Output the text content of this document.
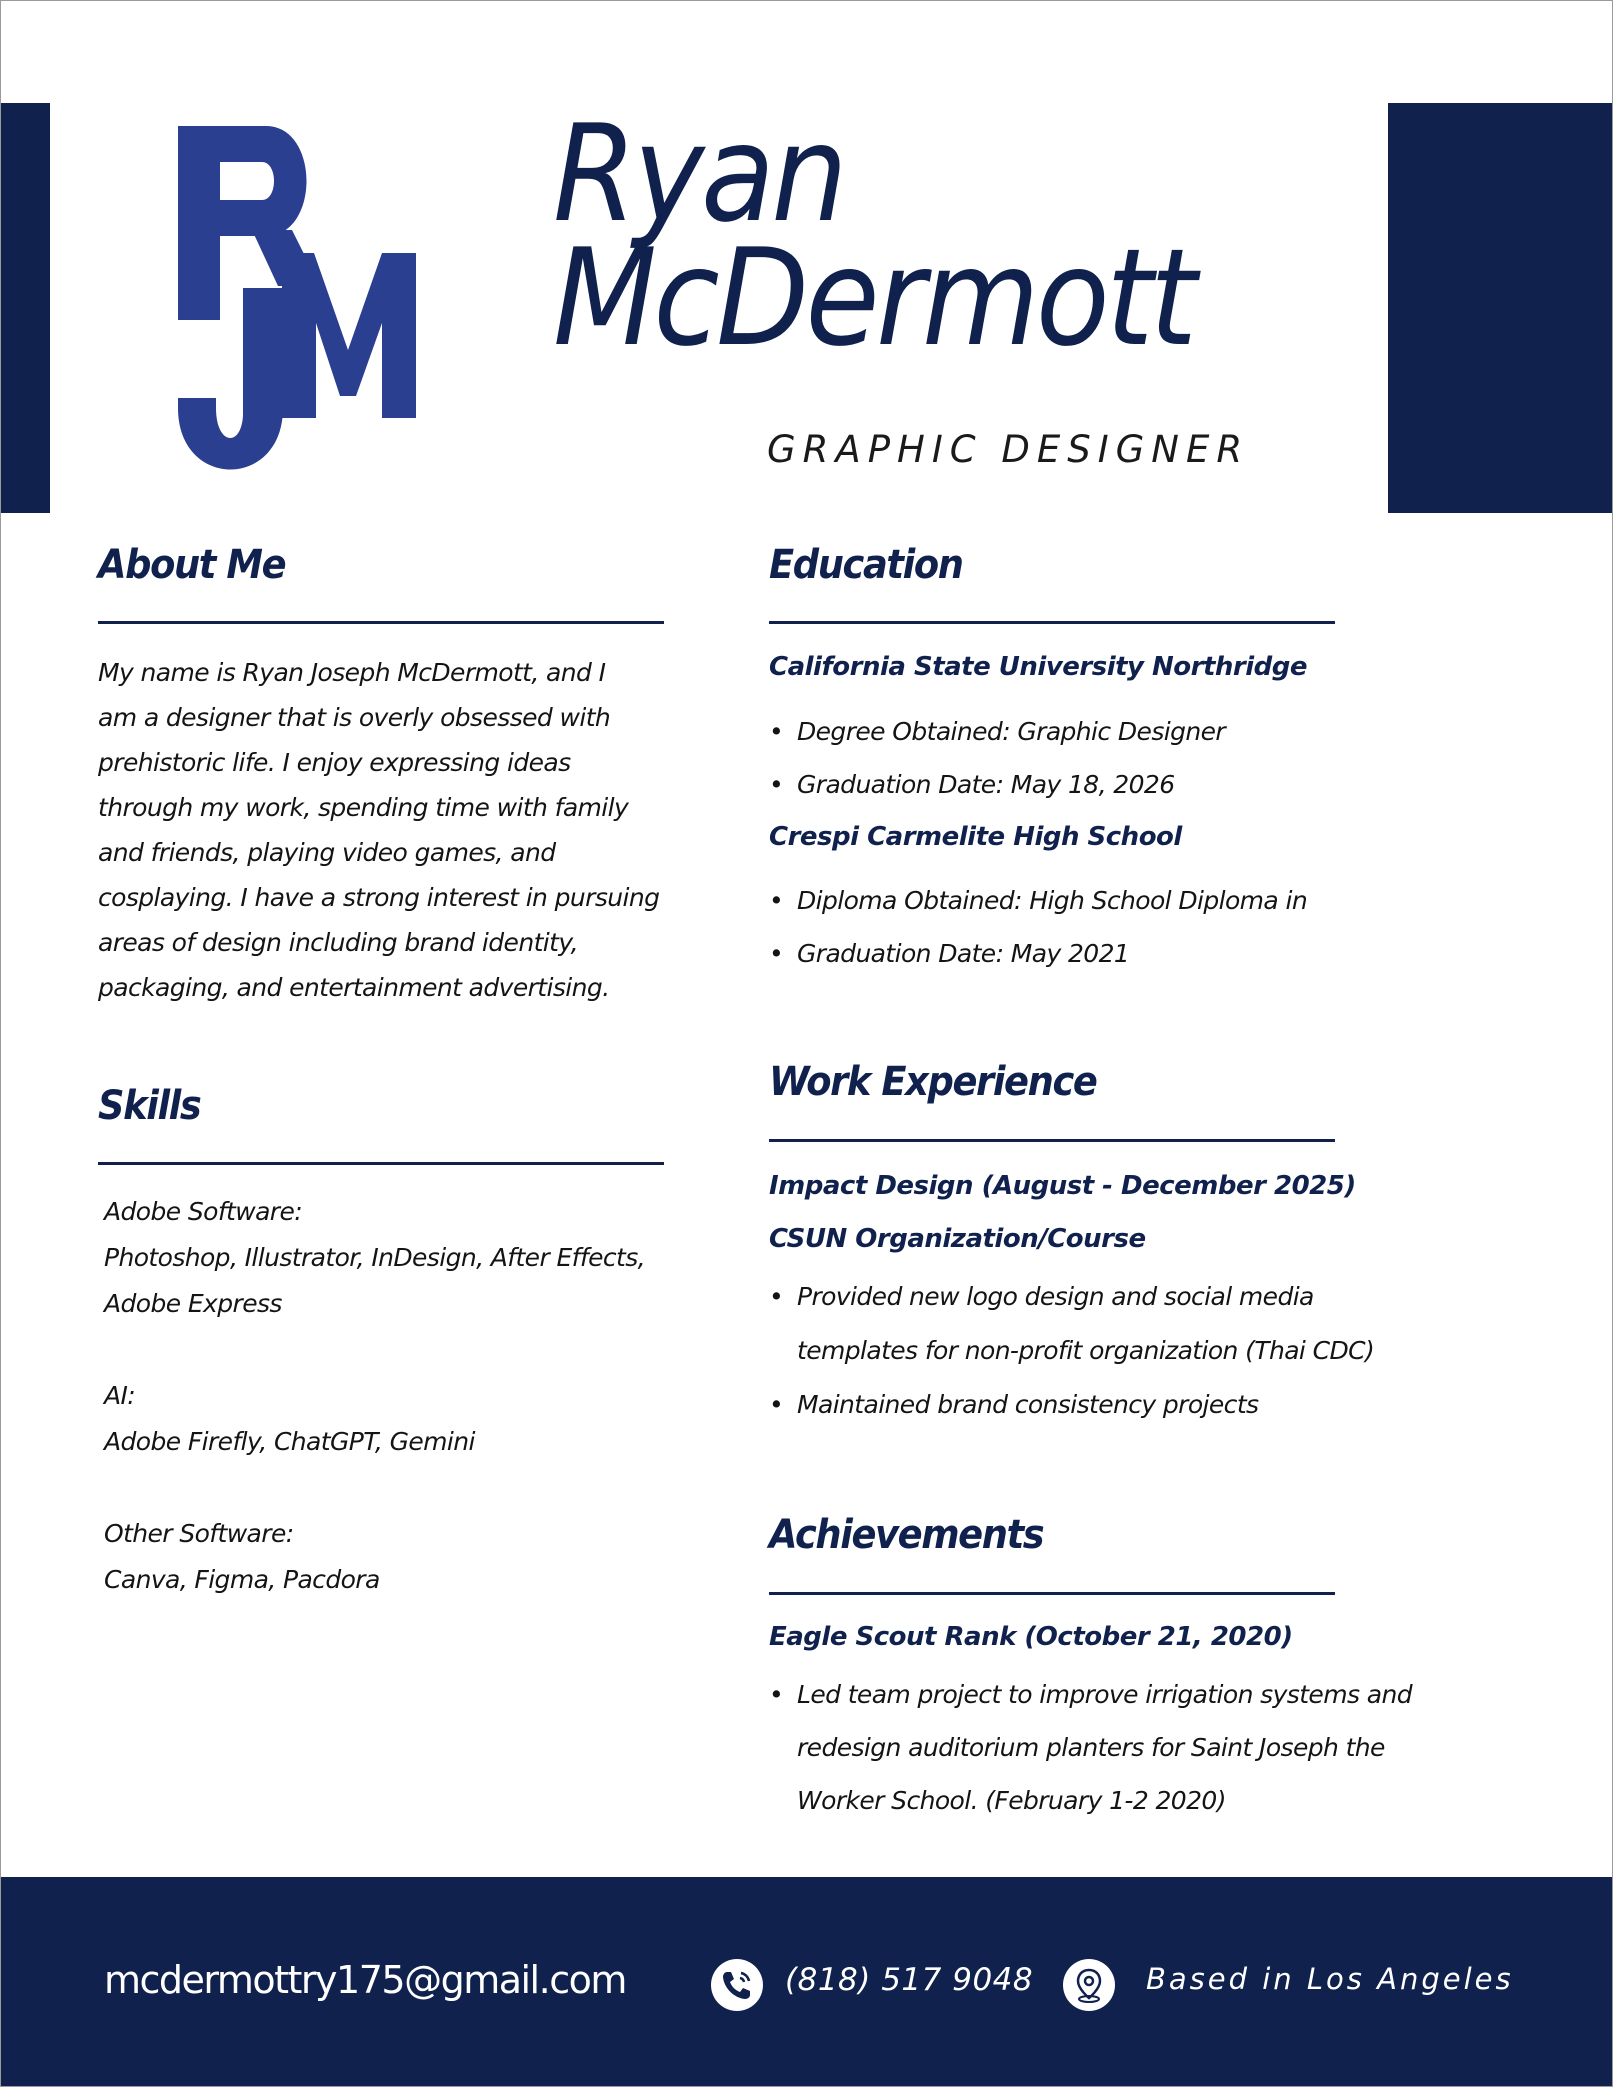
Ryan
McDermott
GRAPHIC DESIGNER
About Me
My name is Ryan Joseph McDermott, and I
am a designer that is overly obsessed with
prehistoric life. I enjoy expressing ideas
through my work, spending time with family
and friends, playing video games, and
cosplaying. I have a strong interest in pursuing
areas of design including brand identity,
packaging, and entertainment advertising.
Skills
Adobe Software:
Photoshop, Illustrator, InDesign, After Effects,
Adobe Express
AI:
Adobe Firefly, ChatGPT, Gemini
Other Software:
Canva, Figma, Pacdora
Education
California State University Northridge
• Degree Obtained: Graphic Designer
• Graduation Date: May 18, 2026
Crespi Carmelite High School
• Diploma Obtained: High School Diploma in
• Graduation Date: May 2021
Work Experience
Impact Design (August - December 2025)
CSUN Organization/Course
• Provided new logo design and social media
templates for non-profit organization (Thai CDC)
• Maintained brand consistency projects
Achievements
Eagle Scout Rank (October 21, 2020)
• Led team project to improve irrigation systems and
redesign auditorium planters for Saint Joseph the
Worker School. (February 1-2 2020)
mcdermottry175@gmail.com	(818) 517 9048	Based in Los Angeles
